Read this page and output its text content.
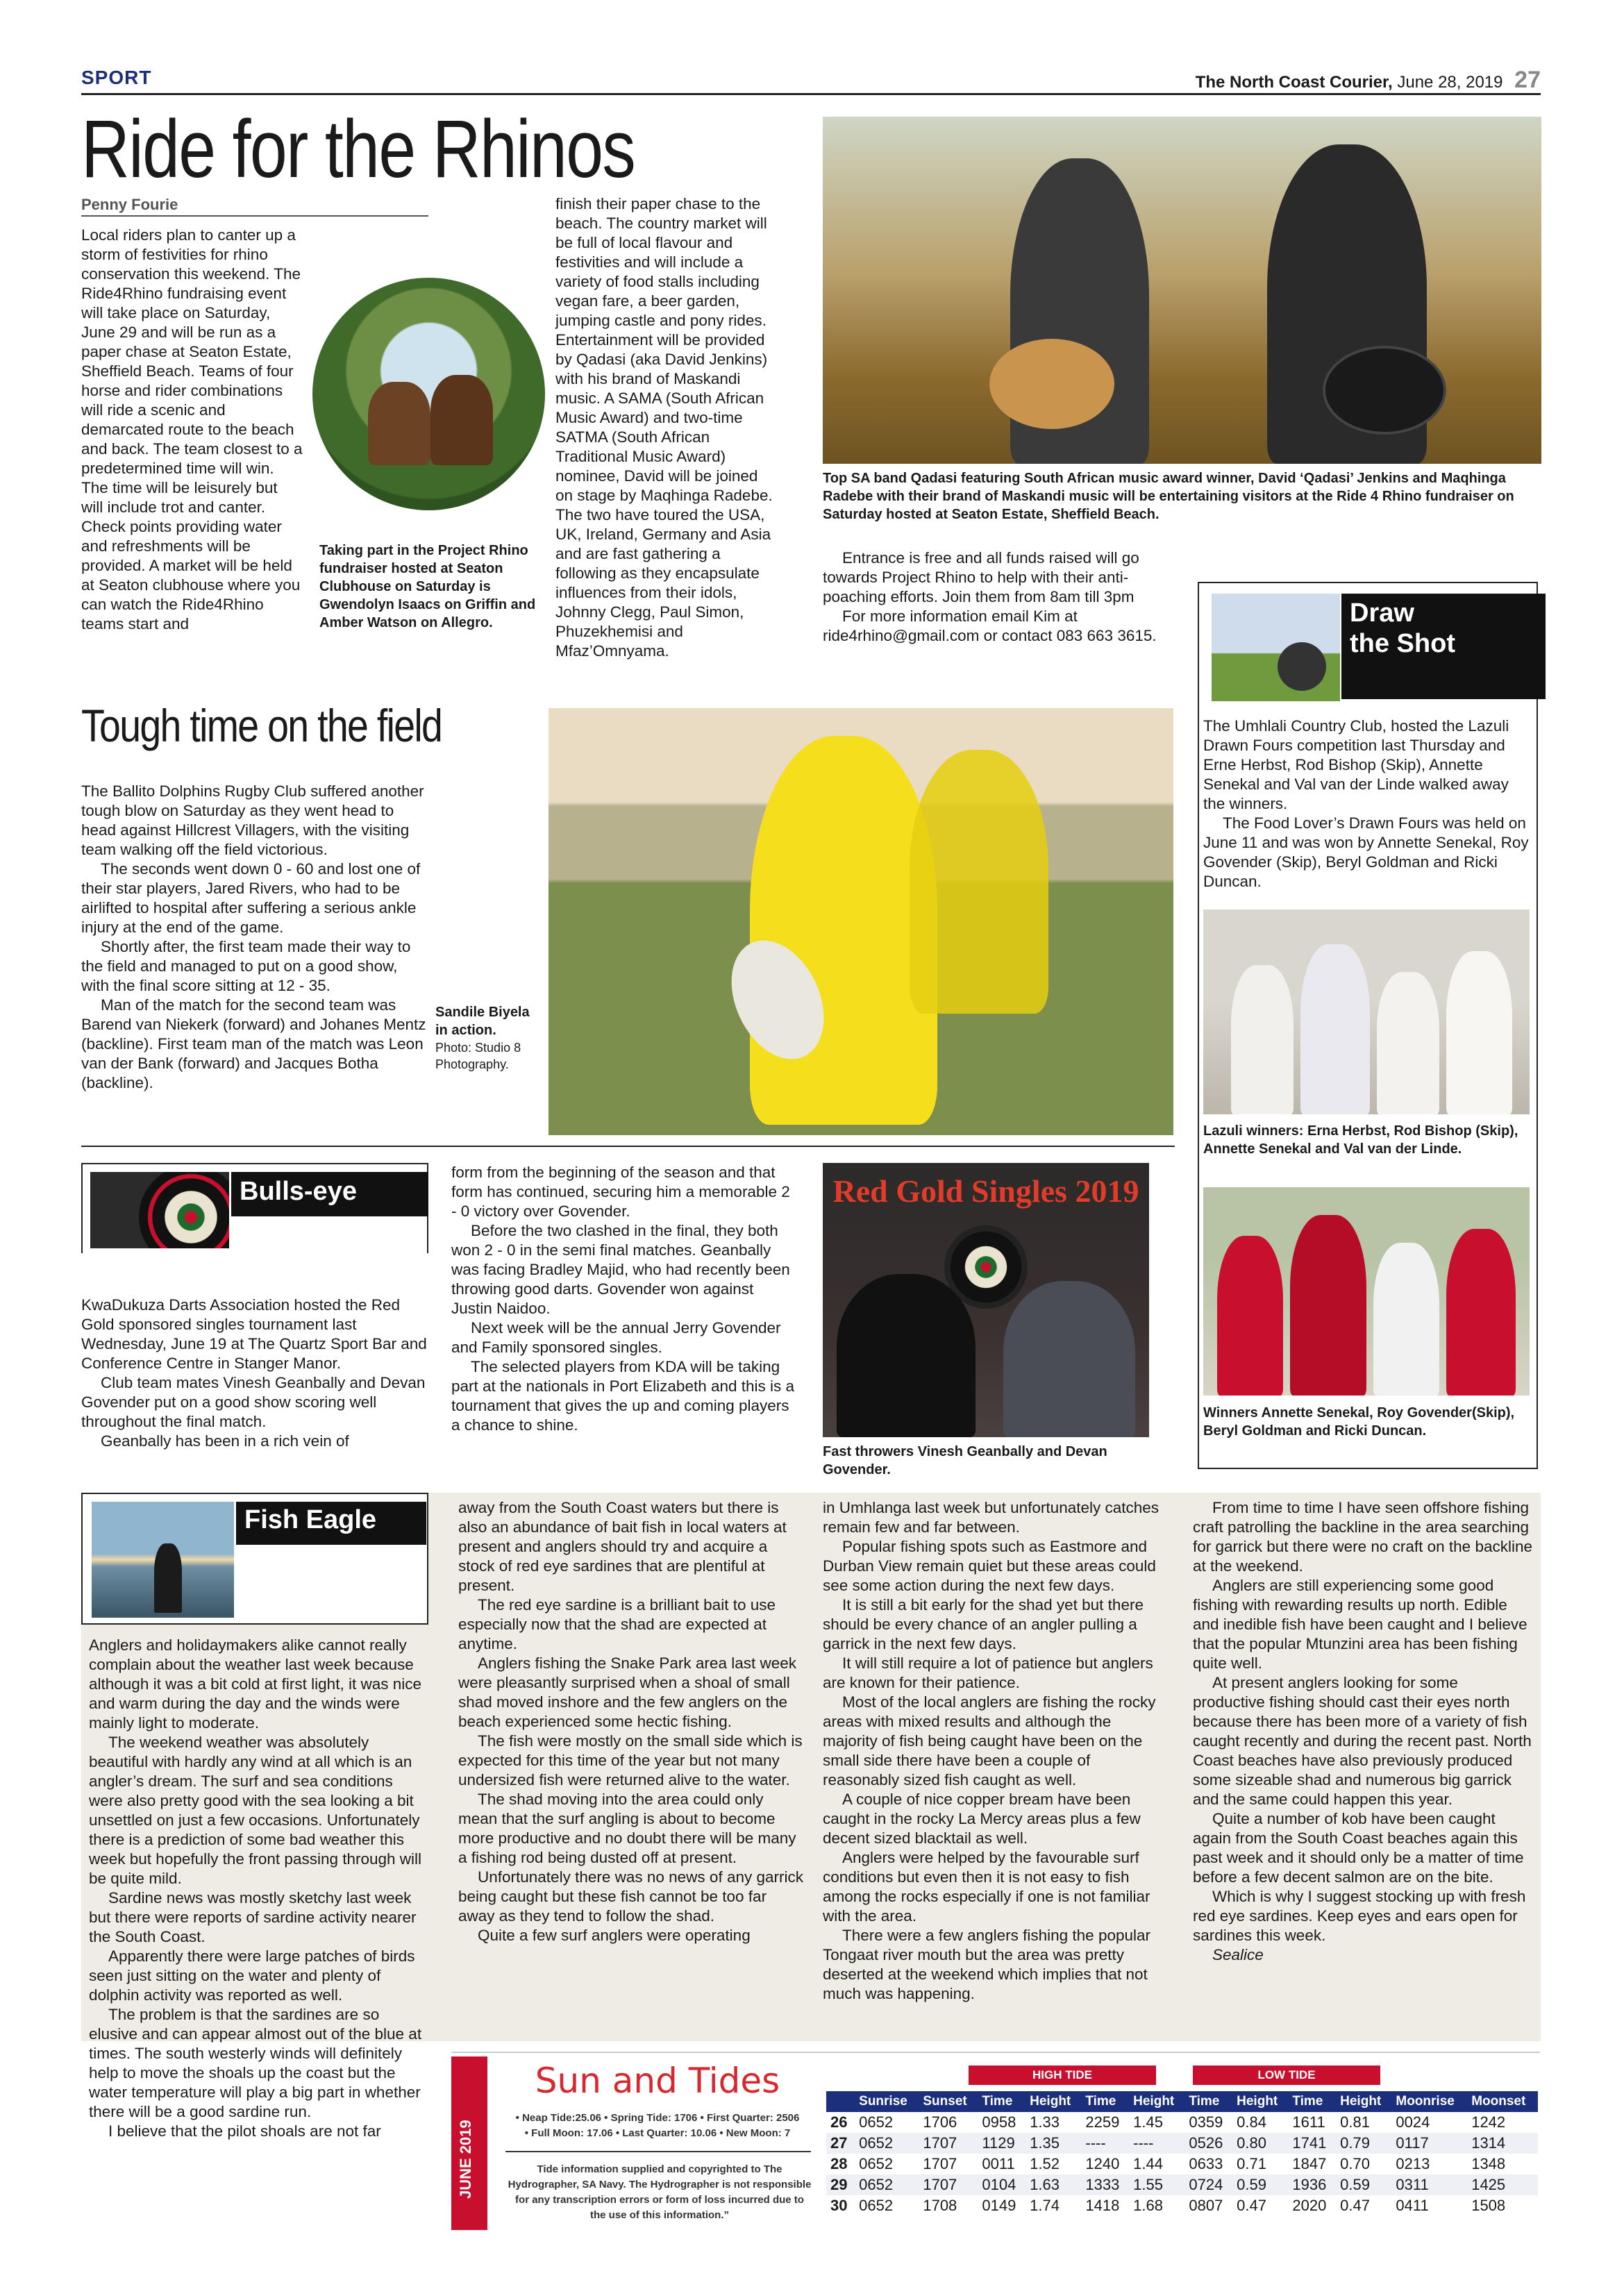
SPORT	The North Coast Courier, June 28, 2019 27
Ride for the Rhinos
Penny Fourie

Local riders plan to canter up a storm of festivities for rhino conservation this weekend. The Ride4Rhino fundraising event will take place on Saturday, June 29 and will be run as a paper chase at Seaton Estate, Sheffield Beach. Teams of four horse and rider combinations will ride a scenic and demarcated route to the beach and back. The team closest to a predetermined time will win. The time will be leisurely but will include trot and canter. Check points providing water and refreshments will be provided. A market will be held at Seaton clubhouse where you can watch the Ride4Rhino teams start and

Taking part in the Project Rhino fundraiser hosted at Seaton Clubhouse on Saturday is Gwendolyn Isaacs on Griffin and Amber Watson on Allegro.

finish their paper chase to the beach. The country market will be full of local flavour and festivities and will include a variety of food stalls including vegan fare, a beer garden, jumping castle and pony rides. Entertainment will be provided by Qadasi (aka David Jenkins) with his brand of Maskandi music. A SAMA (South African Music Award) and two-time SATMA (South African Traditional Music Award) nominee, David will be joined on stage by Maqhinga Radebe. The two have toured the USA, UK, Ireland, Germany and Asia and are fast gathering a following as they encapsulate influences from their idols, Johnny Clegg, Paul Simon, Phuzekhemisi and Mfaz’Omnyama.

Top SA band Qadasi featuring South African music award winner, David ‘Qadasi’ Jenkins and Maqhinga Radebe with their brand of Maskandi music will be entertaining visitors at the Ride 4 Rhino fundraiser on Saturday hosted at Seaton Estate, Sheffield Beach.

Entrance is free and all funds raised will go towards Project Rhino to help with their anti-poaching efforts. Join them from 8am till 3pm

For more information email Kim at ride4rhino@gmail.com or contact 083 663 3615.

Draw
the Shot

The Umhlali Country Club, hosted the Lazuli Drawn Fours competition last Thursday and Erne Herbst, Rod Bishop (Skip), Annette Senekal and Val van der Linde walked away the winners.

The Food Lover’s Drawn Fours was held on June 11 and was won by Annette Senekal, Roy Govender (Skip), Beryl Goldman and Ricki Duncan.

Lazuli winners: Erna Herbst, Rod Bishop (Skip), Annette Senekal and Val van der Linde.
Winners Annette Senekal, Roy Govender(Skip), Beryl Goldman and Ricki Duncan.
Tough time on the field

The Ballito Dolphins Rugby Club suffered another tough blow on Saturday as they went head to head against Hillcrest Villagers, with the visiting team walking off the field victorious.

The seconds went down 0 - 60 and lost one of their star players, Jared Rivers, who had to be airlifted to hospital after suffering a serious ankle injury at the end of the game.

Shortly after, the first team made their way to the field and managed to put on a good show, with the final score sitting at 12 - 35.

Man of the match for the second team was Barend van Niekerk (forward) and Johanes Mentz (backline). First team man of the match was Leon van der Bank (forward) and Jacques Botha (backline).

Sandile Biyela in action.
Photo: Studio 8 Photography.
Bulls-eye

KwaDukuza Darts Association hosted the Red Gold sponsored singles tournament last Wednesday, June 19 at The Quartz Sport Bar and Conference Centre in Stanger Manor.

Club team mates Vinesh Geanbally and Devan Govender put on a good show scoring well throughout the final match.

Geanbally has been in a rich vein of

form from the beginning of the season and that form has continued, securing him a memorable 2 - 0 victory over Govender.

Before the two clashed in the final, they both won 2 - 0 in the semi final matches. Geanbally was facing Bradley Majid, who had recently been throwing good darts. Govender won against Justin Naidoo.

Next week will be the annual Jerry Govender and Family sponsored singles.

The selected players from KDA will be taking part at the nationals in Port Elizabeth and this is a tournament that gives the up and coming players a chance to shine.

Red Gold Singles 2019
Fast throwers Vinesh Geanbally and Devan Govender.
Fish Eagle

Anglers and holidaymakers alike cannot really complain about the weather last week because although it was a bit cold at first light, it was nice and warm during the day and the winds were mainly light to moderate.

The weekend weather was absolutely beautiful with hardly any wind at all which is an angler’s dream. The surf and sea conditions were also pretty good with the sea looking a bit unsettled on just a few occasions. Unfortunately there is a prediction of some bad weather this week but hopefully the front passing through will be quite mild.

Sardine news was mostly sketchy last week but there were reports of sardine activity nearer the South Coast.

Apparently there were large patches of birds seen just sitting on the water and plenty of dolphin activity was reported as well.

The problem is that the sardines are so elusive and can appear almost out of the blue at times. The south westerly winds will definitely help to move the shoals up the coast but the water temperature will play a big part in whether there will be a good sardine run.

I believe that the pilot shoals are not far

away from the South Coast waters but there is also an abundance of bait fish in local waters at present and anglers should try and acquire a stock of red eye sardines that are plentiful at present.

The red eye sardine is a brilliant bait to use especially now that the shad are expected at anytime.

Anglers fishing the Snake Park area last week were pleasantly surprised when a shoal of small shad moved inshore and the few anglers on the beach experienced some hectic fishing.

The fish were mostly on the small side which is expected for this time of the year but not many undersized fish were returned alive to the water.

The shad moving into the area could only mean that the surf angling is about to become more productive and no doubt there will be many a fishing rod being dusted off at present.

Unfortunately there was no news of any garrick being caught but these fish cannot be too far away as they tend to follow the shad.

Quite a few surf anglers were operating

in Umhlanga last week but unfortunately catches remain few and far between.

Popular fishing spots such as Eastmore and Durban View remain quiet but these areas could see some action during the next few days.

It is still a bit early for the shad yet but there should be every chance of an angler pulling a garrick in the next few days.

It will still require a lot of patience but anglers are known for their patience.

Most of the local anglers are fishing the rocky areas with mixed results and although the majority of fish being caught have been on the small side there have been a couple of reasonably sized fish caught as well.

A couple of nice copper bream have been caught in the rocky La Mercy areas plus a few decent sized blacktail as well.

Anglers were helped by the favourable surf conditions but even then it is not easy to fish among the rocks especially if one is not familiar with the area.

There were a few anglers fishing the popular Tongaat river mouth but the area was pretty deserted at the weekend which implies that not much was happening.

From time to time I have seen offshore fishing craft patrolling the backline in the area searching for garrick but there were no craft on the backline at the weekend.

Anglers are still experiencing some good fishing with rewarding results up north. Edible and inedible fish have been caught and I believe that the popular Mtunzini area has been fishing quite well.

At present anglers looking for some productive fishing should cast their eyes north because there has been more of a variety of fish caught recently and during the recent past. North Coast beaches have also previously produced some sizeable shad and numerous big garrick and the same could happen this year.

Quite a number of kob have been caught again from the South Coast beaches again this past week and it should only be a matter of time before a few decent salmon are on the bite.

Which is why I suggest stocking up with fresh red eye sardines. Keep eyes and ears open for sardines this week.

Sealice

JUNE 2019
Sun and Tides
• Neap Tide:25.06 • Spring Tide: 1706 • First Quarter: 2506
• Full Moon: 17.06 • Last Quarter: 10.06 • New Moon: 7
Tide information supplied and copyrighted to The Hydrographer, SA Navy. The Hydrographer is not responsible for any transcription errors or form of loss incurred due to the use of this information.”
HIGH TIDE	LOW TIDE
	Sunrise	Sunset	Time	Height	Time	Height	Time	Height	Time	Height	Moonrise	Moonset
26	0652	1706	0958	1.33	2259	1.45	0359	0.84	1611	0.81	0024	1242
27	0652	1707	1129	1.35	----	----	0526	0.80	1741	0.79	0117	1314
28	0652	1707	0011	1.52	1240	1.44	0633	0.71	1847	0.70	0213	1348
29	0652	1707	0104	1.63	1333	1.55	0724	0.59	1936	0.59	0311	1425
30	0652	1708	0149	1.74	1418	1.68	0807	0.47	2020	0.47	0411	1508
